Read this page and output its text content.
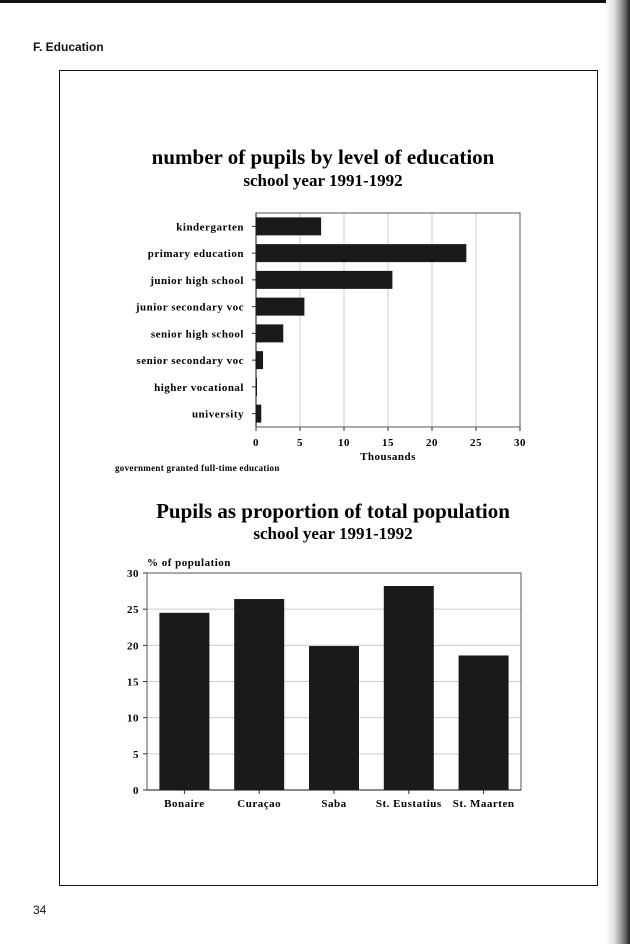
F. Education
34
number of pupils by level of education
school year 1991-1992
0	5	10	15	20	25	30
kindergarten
primary education
junior high school
junior secondary voc
senior high school
senior secondary voc
higher vocational
university
Thousands
government granted full-time education
Pupils as proportion of total population
school year 1991-1992
% of population
0
5
10
15
20
25
30
Bonaire	Curaçao	Saba	St. Eustatius St. Maarten
